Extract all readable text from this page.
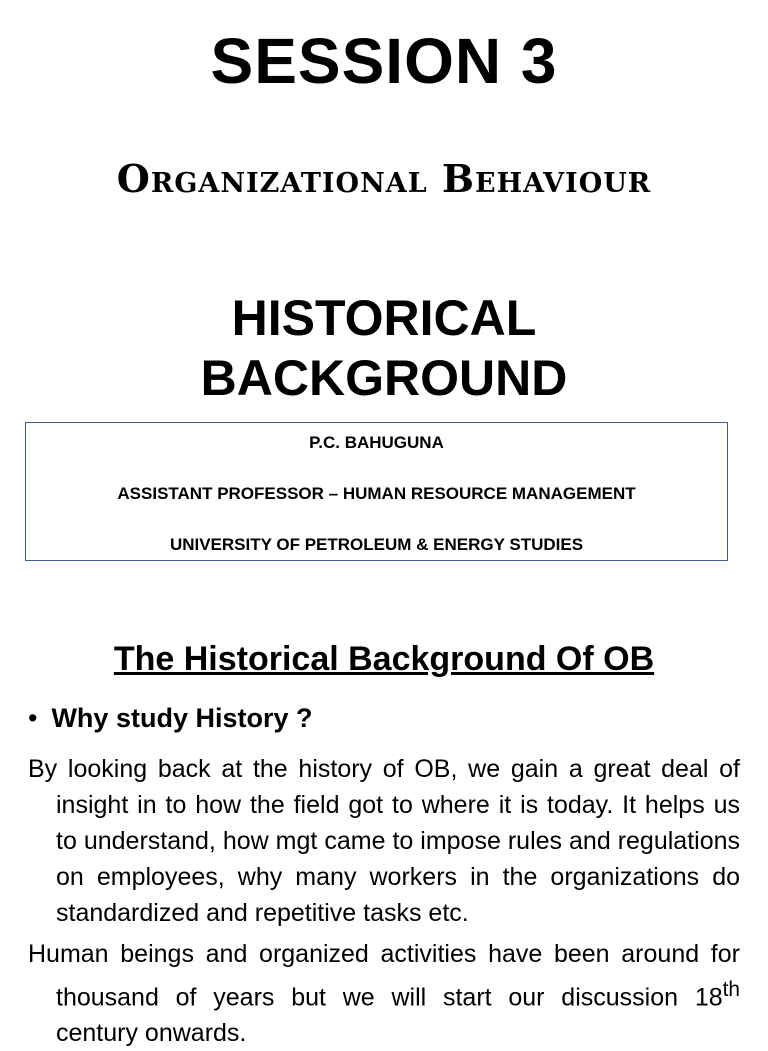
SESSION 3
Organizational Behaviour
HISTORICAL
BACKGROUND
P.C. BAHUGUNA
ASSISTANT PROFESSOR – HUMAN RESOURCE MANAGEMENT
UNIVERSITY OF PETROLEUM & ENERGY STUDIES
The Historical Background Of OB
• Why study History ?
By looking back at the history of OB, we gain a great deal of insight in to how the field got to where it is today. It helps us to understand, how mgt came to impose rules and regulations on employees, why many workers in the organizations do standardized and repetitive tasks etc.
Human beings and organized activities have been around for thousand of years but we will start our discussion 18th century onwards.
